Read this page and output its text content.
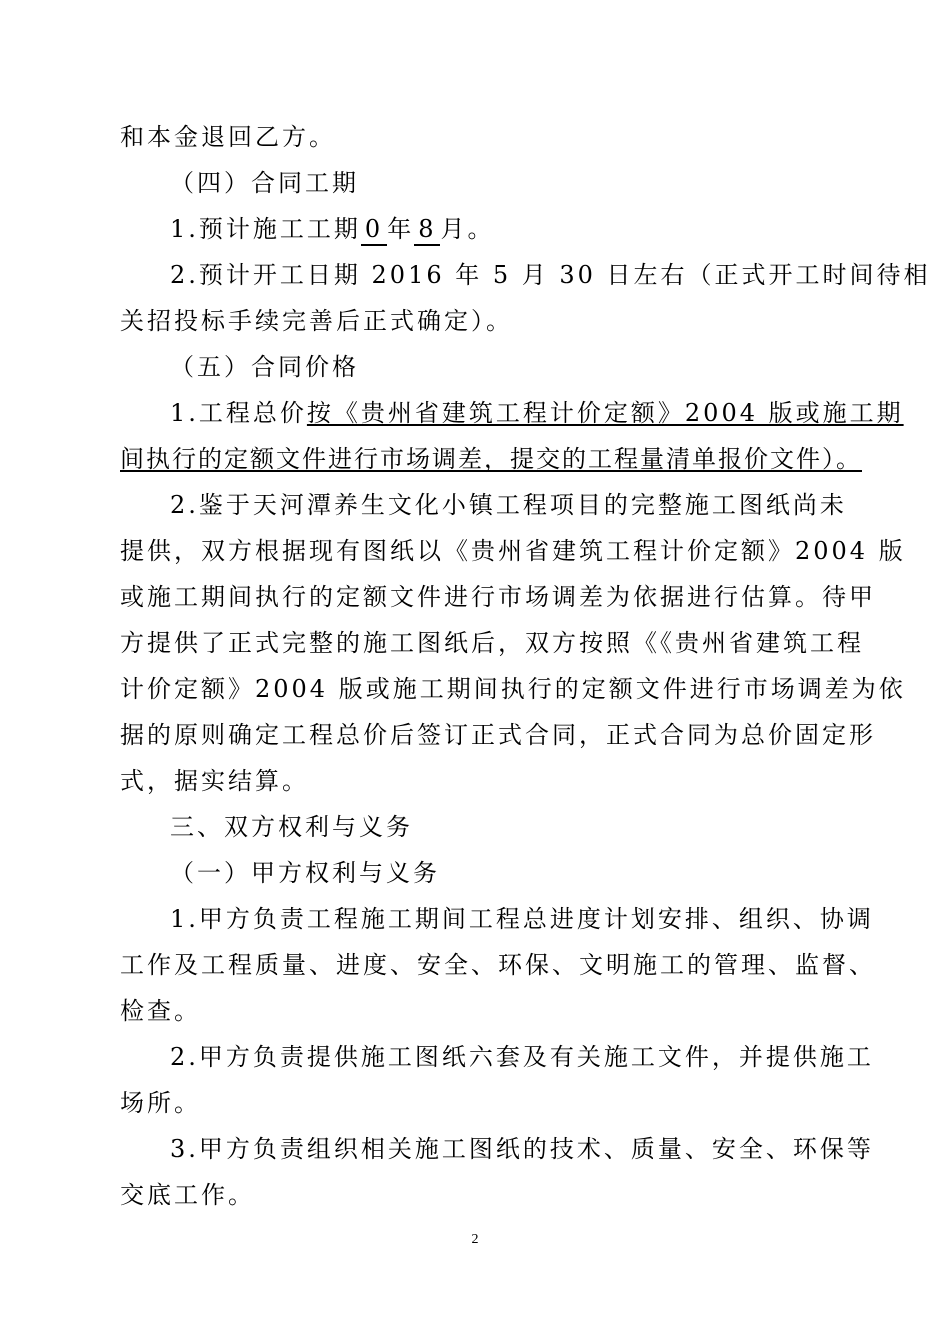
和本金退回乙方。
（四）合同工期
1.预计施工工期 0 年 8 月。
2.预计开工日期 2016 年 5 月 30 日左右（正式开工时间待相
关招投标手续完善后正式确定）。
（五）合同价格
1.工程总价按《贵州省建筑工程计价定额》2004 版或施工期
间执行的定额文件进行市场调差，提交的工程量清单报价文件）。
2.鉴于天河潭养生文化小镇工程项目的完整施工图纸尚未
提供，双方根据现有图纸以《贵州省建筑工程计价定额》2004 版
或施工期间执行的定额文件进行市场调差为依据进行估算。待甲
方提供了正式完整的施工图纸后，双方按照《《贵州省建筑工程
计价定额》2004 版或施工期间执行的定额文件进行市场调差为依
据的原则确定工程总价后签订正式合同，正式合同为总价固定形
式，据实结算。
三、双方权利与义务
（一）甲方权利与义务
1.甲方负责工程施工期间工程总进度计划安排、组织、协调
工作及工程质量、进度、安全、环保、文明施工的管理、监督、
检查。
2.甲方负责提供施工图纸六套及有关施工文件，并提供施工
场所。
3.甲方负责组织相关施工图纸的技术、质量、安全、环保等
交底工作。
2
